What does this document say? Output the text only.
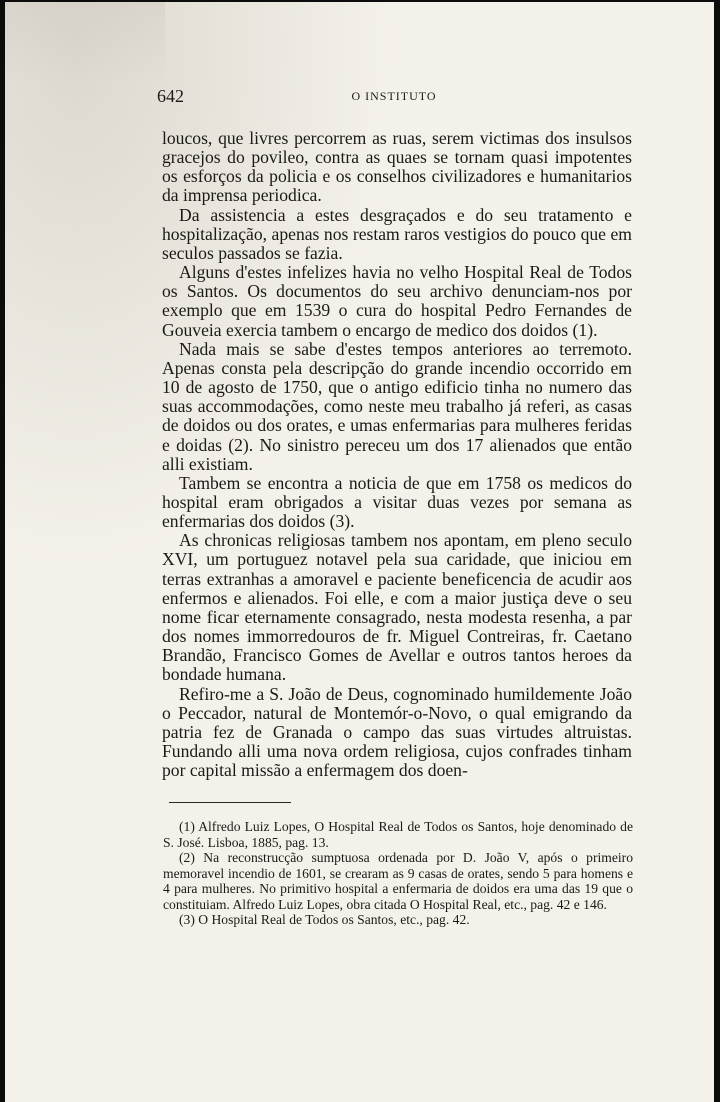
642	O INSTITUTO

loucos, que livres percorrem as ruas, serem victimas dos insulsos gracejos do povileo, contra as quaes se tornam quasi impotentes os esforços da policia e os conselhos civilizadores e humanitarios da imprensa periodica.

Da assistencia a estes desgraçados e do seu tratamento e hospitalização, apenas nos restam raros vestigios do pouco que em seculos passados se fazia.

Alguns d'estes infelizes havia no velho Hospital Real de Todos os Santos. Os documentos do seu archivo denunciam-nos por exemplo que em 1539 o cura do hospital Pedro Fernandes de Gouveia exercia tambem o encargo de medico dos doidos (1).

Nada mais se sabe d'estes tempos anteriores ao terremoto. Apenas consta pela descripção do grande incendio occorrido em 10 de agosto de 1750, que o antigo edificio tinha no numero das suas accommodações, como neste meu trabalho já referi, as casas de doidos ou dos orates, e umas enfermarias para mulheres feridas e doidas (2). No sinistro pereceu um dos 17 alienados que então alli existiam.

Tambem se encontra a noticia de que em 1758 os medicos do hospital eram obrigados a visitar duas vezes por semana as enfermarias dos doidos (3).

As chronicas religiosas tambem nos apontam, em pleno seculo XVI, um portuguez notavel pela sua caridade, que iniciou em terras extranhas a amoravel e paciente beneficencia de acudir aos enfermos e alienados. Foi elle, e com a maior justiça deve o seu nome ficar eternamente consagrado, nesta modesta resenha, a par dos nomes immorredouros de fr. Miguel Contreiras, fr. Caetano Brandão, Francisco Gomes de Avellar e outros tantos heroes da bondade humana.

Refiro-me a S. João de Deus, cognominado humildemente João o Peccador, natural de Montemór-o-Novo, o qual emigrando da patria fez de Granada o campo das suas virtudes altruistas. Fundando alli uma nova ordem religiosa, cujos confrades tinham por capital missão a enfermagem dos doen-

(1) Alfredo Luiz Lopes, O Hospital Real de Todos os Santos, hoje denominado de S. José. Lisboa, 1885, pag. 13.

(2) Na reconstrucção sumptuosa ordenada por D. João V, após o primeiro memoravel incendio de 1601, se crearam as 9 casas de orates, sendo 5 para homens e 4 para mulheres. No primitivo hospital a enfermaria de doidos era uma das 19 que o constituiam. Alfredo Luiz Lopes, obra citada O Hospital Real, etc., pag. 42 e 146.

(3) O Hospital Real de Todos os Santos, etc., pag. 42.
